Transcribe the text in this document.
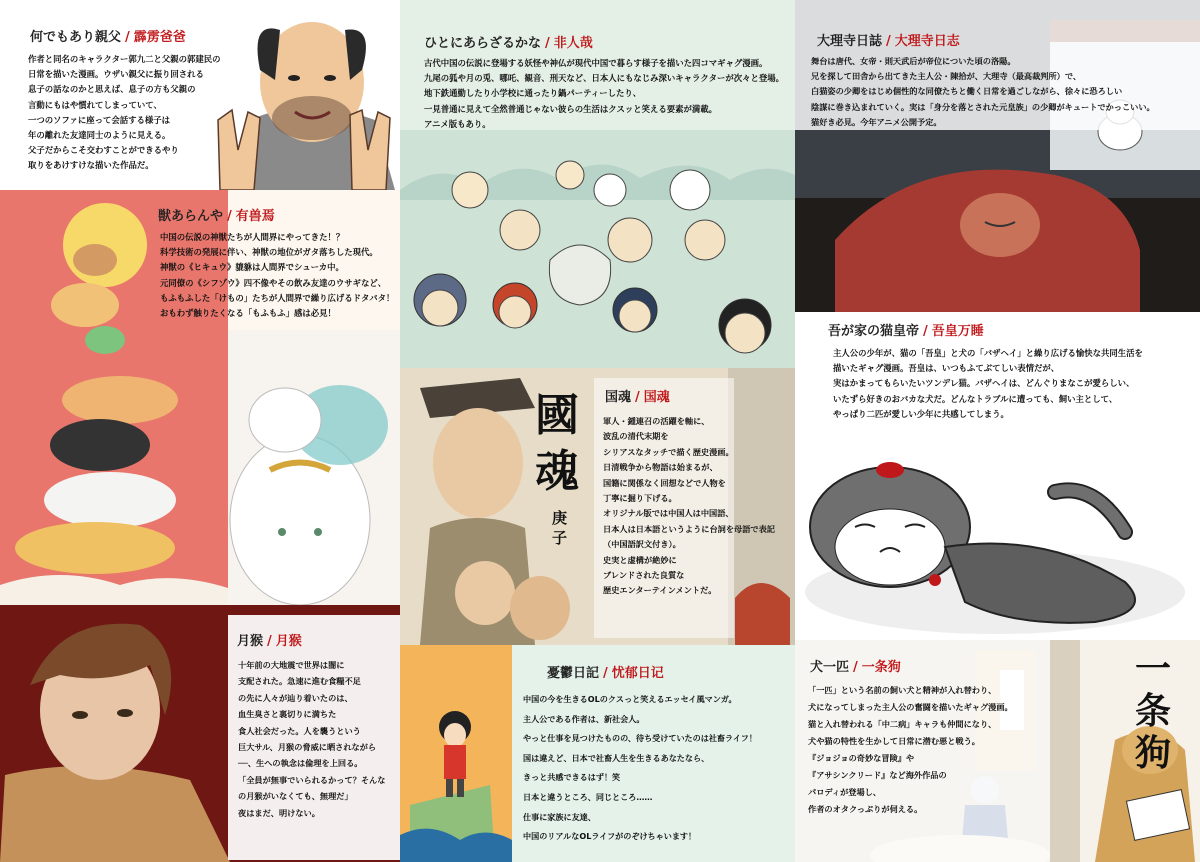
何でもあり親父 / 霹雳爸爸
作者と同名のキャラクター郭九二と父親の郭建民の
日常を描いた漫画。ウザい親父に振り回される
息子の話なのかと思えば、息子の方も父親の
言動にもはや慣れてしまっていて、
一つのソファに座って会話する様子は
年の離れた友達同士のように見える。
父子だからこそ交わすことができるやり
取りをあけすけな描いた作品だ。
ひとにあらざるかな / 非人哉
古代中国の伝説に登場する妖怪や神仏が現代中国で暮らす様子を描いた四コマギャグ漫画。
九尾の狐や月の兎、哪吒、観音、刑天など、日本人にもなじみ深いキャラクターが次々と登場。
地下鉄通勤したり小学校に通ったり鍋パーティーしたり、
一見普通に見えて全然普通じゃない彼らの生活はクスッと笑える要素が満載。
アニメ版もあり。
大理寺日誌 / 大理寺日志
舞台は唐代、女帝・則天武后が帝位についた頃の洛陽。
兄を探して田舎から出てきた主人公・陳拾が、大理寺（最高裁判所）で、
白猫姿の少卿をはじめ個性的な同僚たちと働く日常を過ごしながら、徐々に恐ろしい
陰謀に巻き込まれていく。実は「身分を落とされた元皇族」の少卿がキュートでかっこいい。
猫好き必見。今年アニメ公開予定。
獣あらんや / 有兽焉
中国の伝説の神獣たちが人間界にやってきた！？
科学技術の発展に伴い、神獣の地位がガタ落ちした現代。
神獣の《ヒキュウ》貔貅は人間界でシューカ中。
元同僚の《シフゾウ》四不像やその飲み友達のウサギなど、
もふもふした「けもの」たちが人間界で繰り広げるドタバタ！
おもわず触りたくなる「もふもふ」感は必見！
國魂
庚子
国魂 / 国魂
軍人・鍾連召の活躍を軸に、
波乱の清代末期を
シリアスなタッチで描く歴史漫画。
日清戦争から物語は始まるが、
国籍に関係なく回想などで人物を
丁寧に掘り下げる。
オリジナル版では中国人は中国語、
日本人は日本語というように台詞を母語で表記
（中国語訳文付き）。
史実と虚構が絶妙に
ブレンドされた良質な
歴史エンターテインメントだ。
吾が家の猫皇帝 / 吾皇万睡
主人公の少年が、猫の「吾皇」と犬の「バザヘイ」と繰り広げる愉快な共同生活を
描いたギャグ漫画。吾皇は、いつもふてぶてしい表情だが、
実はかまってもらいたいツンデレ猫。バザヘイは、どんぐりまなこが愛らしい、
いたずら好きのおバカな犬だ。どんなトラブルに遭っても、飼い主として、
やっぱり二匹が愛しい少年に共感してしまう。
月猴 / 月猴
十年前の大地震で世界は闇に
支配された。急速に進む食糧不足
の先に人々が辿り着いたのは、
血生臭さと裏切りに満ちた
食人社会だった。人を襲うという
巨大サル、月猴の脅威に晒されながら
──、生への執念は倫理を上回る。
「全員が無事でいられるかって？そんな
の月猴がいなくても、無理だ」
夜はまだ、明けない。
憂鬱日記 / 忧郁日记
中国の今を生きるOLのクスっと笑えるエッセイ風マンガ。
主人公である作者は、新社会人。
やっと仕事を見つけたものの、待ち受けていたのは社畜ライフ！
国は違えど、日本で社畜人生を生きるあなたなら、
きっと共感できるはず！笑
日本と違うところ、同じところ……
仕事に家族に友達、
中国のリアルなOLライフがのぞけちゃいます！
一条狗
犬一匹 / 一条狗
「一匹」という名前の飼い犬と精神が入れ替わり、
犬になってしまった主人公の奮闘を描いたギャグ漫画。
猫と入れ替われる「中二病」キャラも仲間になり、
犬や猫の特性を生かして日常に潜む悪と戦う。
『ジョジョの奇妙な冒険』や
『アサシンクリード』など海外作品の
パロディが登場し、
作者のオタクっぷりが伺える。
